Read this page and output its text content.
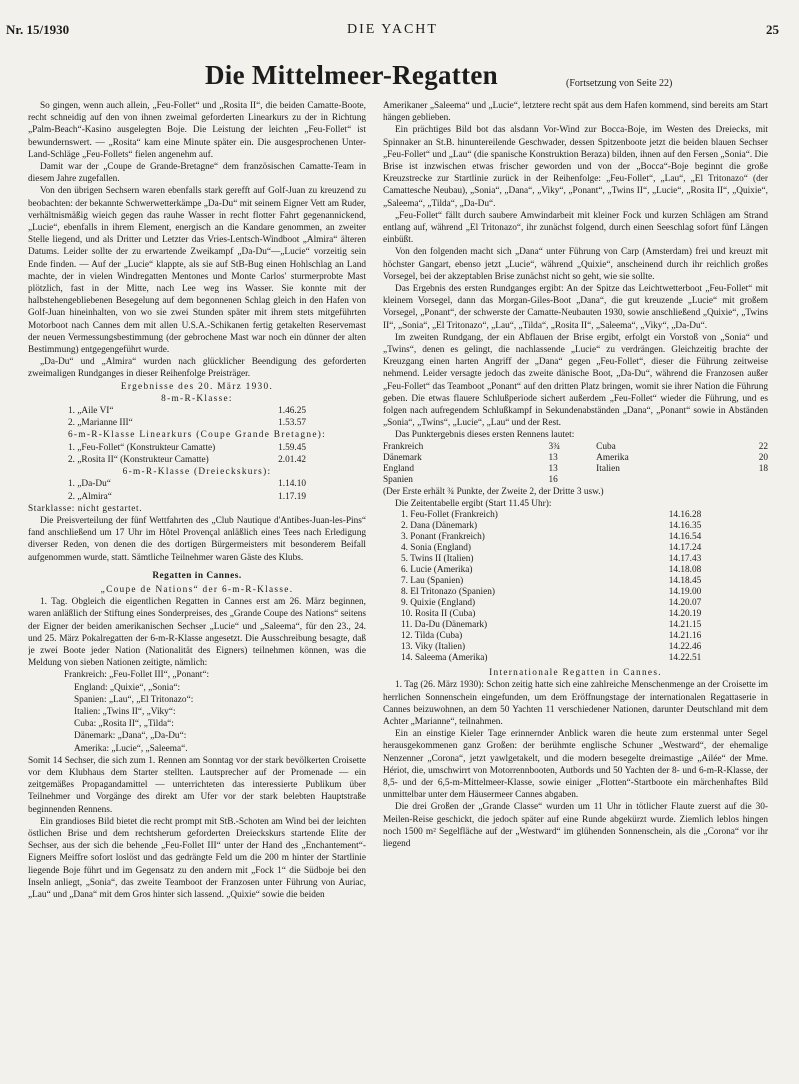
Nr. 15/1930	DIE YACHT	25
Die Mittelmeer-Regatten	(Fortsetzung von Seite 22)

So gingen, wenn auch allein, „Feu-Follet“ und „Rosita II“, die beiden Camatte-Boote, recht schneidig auf den von ihnen zweimal geforderten Linearkurs zu der in Richtung „Palm-Beach“-Kasino ausgelegten Boje. Die Leistung der leichten „Feu-Follet“ ist bewundernswert. — „Rosita“ kam eine Minute später ein. Die ausgesprochenen Unter-Land-Schläge „Feu-Follets“ fielen angenehm auf.

Damit war der „Coupe de Grande-Bretagne“ dem französischen Camatte-Team in diesem Jahre zugefallen.

Von den übrigen Sechsern waren ebenfalls stark gerefft auf Golf-Juan zu kreuzend zu beobachten: der bekannte Schwerwetterkämpe „Da-Du“ mit seinem Eigner Vett am Ruder, verhältnismäßig wieich gegen das rauhe Wasser in recht flotter Fahrt gegenannickend, „Lucie“, ebenfalls in ihrem Element, energisch an die Kandare genommen, an zweiter Stelle liegend, und als Dritter und Letzter das Vries-Lentsch-Windboot „Almira“ älteren Datums. Leider sollte der zu erwartende Zweikampf „Da-Du“—„Lucie“ vorzeitig sein Ende finden. — Auf der „Lucie“ klappte, als sie auf StB-Bug einen Hohlschlag an Land machte, der in vielen Windregatten Mentones und Monte Carlos' sturmerprobte Mast plötzlich, fast in der Mitte, nach Lee weg ins Wasser. Sie konnte mit der halbstehengebliebenen Besegelung auf dem begonnenen Schlag gleich in den Hafen von Golf-Juan hineinhalten, von wo sie zwei Stunden später mit ihrem stets mitgeführten Motorboot nach Cannes dem mit allen U.S.A.-Schikanen fertig getakelten Reservemast der neuen Vermessungsbestimmung (der gebrochene Mast war noch ein dünner der alten Bestimmung) entgegengeführt wurde.

„Da-Du“ und „Almira“ wurden nach glücklicher Beendigung des geforderten zweimaligen Rundganges in dieser Reihenfolge Preisträger.

Ergebnisse des 20. März 1930.

8-m-R-Klasse:

1. „Aile VI“	1.46.25
2. „Marianne III“	1.53.57

6-m-R-Klasse Linearkurs (Coupe Grande Bretagne):

1. „Feu-Follet“ (Konstrukteur Camatte)	1.59.45
2. „Rosita II“ (Konstrukteur Camatte)	2.01.42

6-m-R-Klasse (Dreieckskurs):

1. „Da-Du“	1.14.10
2. „Almira“	1.17.19

Starklasse: nicht gestartet.

Die Preisverteilung der fünf Wettfahrten des „Club Nautique d'Antibes-Juan-les-Pins“ fand anschließend um 17 Uhr im Hôtel Provençal anläßlich eines Tees nach Erledigung diverser Reden, von denen die des dortigen Bürgermeisters mit besonderem Beifall aufgenommen wurde, statt. Sämtliche Teilnehmer waren Gäste des Klubs.

Regatten in Cannes.

„Coupe de Nations“ der 6-m-R-Klasse.

1. Tag. Obgleich die eigentlichen Regatten in Cannes erst am 26. März beginnen, waren anläßlich der Stiftung eines Sonderpreises, des „Grande Coupe des Nations“ seitens der Eigner der beiden amerikanischen Sechser „Lucie“ und „Saleema“, für den 23., 24. und 25. März Pokalregatten der 6-m-R-Klasse angesetzt. Die Ausschreibung besagte, daß je zwei Boote jeder Nation (Nationalität des Eigners) teilnehmen können, was die Meldung von sieben Nationen zeitigte, nämlich:

Frankreich: „Feu-Follet III“, „Ponant“:

England: „Quixie“, „Sonia“:

Spanien: „Lau“, „El Tritonazo“:

Italien: „Twins II“, „Viky“:

Cuba: „Rosita II“, „Tilda“:

Dänemark: „Dana“, „Da-Du“:

Amerika: „Lucie“, „Saleema“.

Somit 14 Sechser, die sich zum 1. Rennen am Sonntag vor der stark bevölkerten Croisette vor dem Klubhaus dem Starter stellten. Lautsprecher auf der Promenade — ein zeitgemäßes Propagandamittel — unterrichteten das interessierte Publikum über Teilnehmer und Vorgänge des direkt am Ufer vor der stark belebten Hauptstraße beginnenden Rennens.

Ein grandioses Bild bietet die recht prompt mit StB.-Schoten am Wind bei der leichten östlichen Brise und dem rechtsherum geforderten Dreieckskurs startende Elite der Sechser, aus der sich die behende „Feu-Follet III“ unter der Hand des „Enchantement“-Eigners Meiffre sofort loslöst und das gedrängte Feld um die 200 m hinter der Startlinie liegende Boje führt und im Gegensatz zu den andern mit „Fock 1“ die Südboje bei den Inseln anliegt, „Sonia“, das zweite Teamboot der Franzosen unter Führung von Auriac, „Lau“ und „Dana“ mit dem Gros hinter sich lassend. „Quixie“ sowie die beiden

Amerikaner „Saleema“ und „Lucie“, letztere recht spät aus dem Hafen kommend, sind bereits am Start hängen geblieben.

Ein prächtiges Bild bot das alsdann Vor-Wind zur Bocca-Boje, im Westen des Dreiecks, mit Spinnaker an St.B. hinuntereilende Geschwader, dessen Spitzenboote jetzt die beiden blauen Sechser „Feu-Follet“ und „Lau“ (die spanische Konstruktion Beraza) bilden, ihnen auf den Fersen „Sonia“. Die Brise ist inzwischen etwas frischer geworden und von der „Bocca“-Boje beginnt die große Kreuzstrecke zur Startlinie zurück in der Reihenfolge: „Feu-Follet“, „Lau“, „El Tritonazo“ (der Camattesche Neubau), „Sonia“, „Dana“, „Viky“, „Ponant“, „Twins II“, „Lucie“, „Rosita II“, „Quixie“, „Saleema“, „Tilda“, „Da-Du“.

„Feu-Follet“ fällt durch saubere Amwindarbeit mit kleiner Fock und kurzen Schlägen am Strand entlang auf, während „El Tritonazo“, ihr zunächst folgend, durch einen Seeschlag sofort fünf Längen einbüßt.

Von den folgenden macht sich „Dana“ unter Führung von Carp (Amsterdam) frei und kreuzt mit höchster Gangart, ebenso jetzt „Lucie“, während „Quixie“, anscheinend durch ihr reichlich großes Vorsegel, bei der akzeptablen Brise zunächst nicht so geht, wie sie sollte.

Das Ergebnis des ersten Rundganges ergibt: An der Spitze das Leichtwetterboot „Feu-Follet“ mit kleinem Vorsegel, dann das Morgan-Giles-Boot „Dana“, die gut kreuzende „Lucie“ mit großem Vorsegel, „Ponant“, der schwerste der Camatte-Neubauten 1930, sowie anschließend „Quixie“, „Twins II“, „Sonia“, „El Tritonazo“, „Lau“, „Tilda“, „Rosita II“, „Saleema“, „Viky“, „Da-Du“.

Im zweiten Rundgang, der ein Abflauen der Brise ergibt, erfolgt ein Vorstoß von „Sonia“ und „Twins“, denen es gelingt, die nachlassende „Lucie“ zu verdrängen. Gleichzeitig brachte der Kreuzgang einen harten Angriff der „Dana“ gegen „Feu-Follet“, dieser die Führung zeitweise nehmend. Leider versagte jedoch das zweite dänische Boot, „Da-Du“, während die Franzosen außer „Feu-Follet“ das Teamboot „Ponant“ auf den dritten Platz bringen, womit sie ihrer Nation die Führung geben. Die etwas flauere Schlußperiode sichert außerdem „Feu-Follet“ wieder die Führung, und es folgen nach aufregendem Schlußkampf in Sekundenabständen „Dana“, „Ponant“ sowie in Abständen „Sonia“, „Twins“, „Lucie“, „Lau“ und der Rest.

Das Punktergebnis dieses ersten Rennens lautet:

Frankreich	3¾	Cuba	22
Dänemark	13	Amerika	20
England	13	Italien	18
Spanien	16		

(Der Erste erhält ¾ Punkte, der Zweite 2, der Dritte 3 usw.)

Die Zeitentabelle ergibt (Start 11.45 Uhr):

1. Feu-Follet (Frankreich)	14.16.28
2. Dana (Dänemark)	14.16.35
3. Ponant (Frankreich)	14.16.54
4. Sonia (England)	14.17.24
5. Twins II (Italien)	14.17.43
6. Lucie (Amerika)	14.18.08
7. Lau (Spanien)	14.18.45
8. El Tritonazo (Spanien)	14.19.00
9. Quixie (England)	14.20.07
10. Rosita II (Cuba)	14.20.19
11. Da-Du (Dänemark)	14.21.15
12. Tilda (Cuba)	14.21.16
13. Viky (Italien)	14.22.46
14. Saleema (Amerika)	14.22.51

Internationale Regatten in Cannes.

1. Tag (26. März 1930): Schon zeitig hatte sich eine zahlreiche Menschenmenge an der Croisette im herrlichen Sonnenschein eingefunden, um dem Eröffnungstage der internationalen Regattaserie in Cannes beizuwohnen, an dem 50 Yachten 11 verschiedener Nationen, darunter Deutschland mit dem Achter „Marianne“, teilnahmen.

Ein an einstige Kieler Tage erinnernder Anblick waren die heute zum erstenmal unter Segel herausgekommenen ganz Großen: der berühmte englische Schuner „Westward“, der ehemalige Nenzenner „Corona“, jetzt yawlgetakelt, und die modern besegelte dreimastige „Ailée“ der Mme. Hériot, die, umschwirrt von Motorrennbooten, Autbords und 50 Yachten der 8- und 6-m-R-Klasse, der 8,5- und der 6,5-m-Mittelmeer-Klasse, sowie einiger „Flotten“-Startboote ein märchenhaftes Bild unmittelbar unter dem Häusermeer Cannes abgaben.

Die drei Großen der „Grande Classe“ wurden um 11 Uhr in tötlicher Flaute zuerst auf die 30-Meilen-Reise geschickt, die jedoch später auf eine Runde abgekürzt wurde. Ziemlich leblos hingen noch 1500 m² Segelfläche auf der „Westward“ im glühenden Sonnenschein, als die „Corona“ vor ihr liegend
